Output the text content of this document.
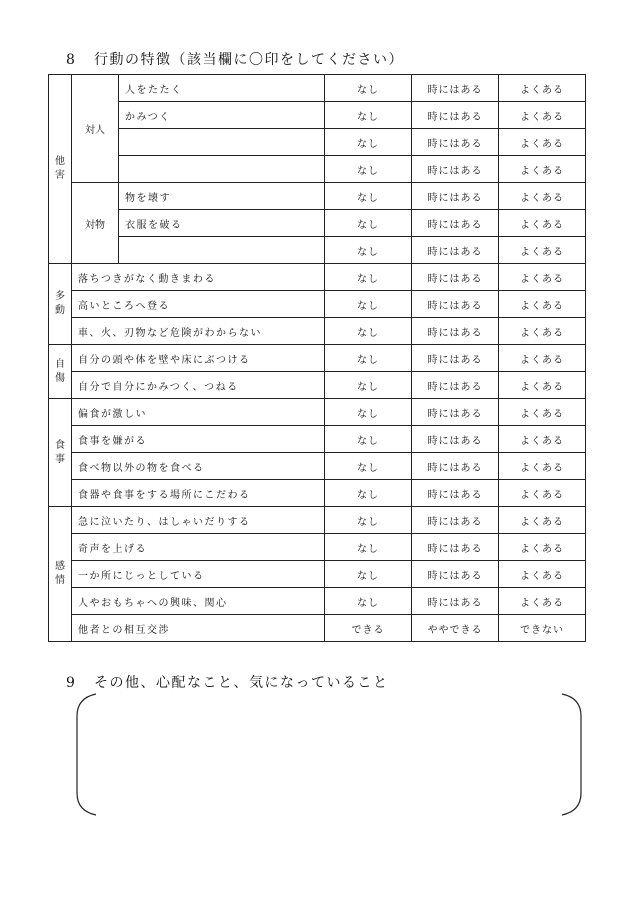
8 行動の特徴（該当欄に〇印をしてください）
他害	対人	人をたたく	なし	時にはある	よくある
		かみつく	なし	時にはある	よくある
			なし	時にはある	よくある
			なし	時にはある	よくある
	対物	物を壊す	なし	時にはある	よくある
		衣服を破る	なし	時にはある	よくある
			なし	時にはある	よくある
多動	落ちつきがなく動きまわる		なし	時にはある	よくある
	高いところへ登る		なし	時にはある	よくある
	車、火、刃物など危険がわからない		なし	時にはある	よくある
自傷	自分の頭や体を壁や床にぶつける		なし	時にはある	よくある
	自分で自分にかみつく、つねる		なし	時にはある	よくある
食事	偏食が激しい		なし	時にはある	よくある
	食事を嫌がる		なし	時にはある	よくある
	食べ物以外の物を食べる		なし	時にはある	よくある
	食器や食事をする場所にこだわる		なし	時にはある	よくある
感情	急に泣いたり、はしゃいだりする		なし	時にはある	よくある
	奇声を上げる		なし	時にはある	よくある
	一か所にじっとしている		なし	時にはある	よくある
	人やおもちゃへの興味、関心		なし	時にはある	よくある
	他者との相互交渉		できる	ややできる	できない
9 その他、心配なこと、気になっていること
